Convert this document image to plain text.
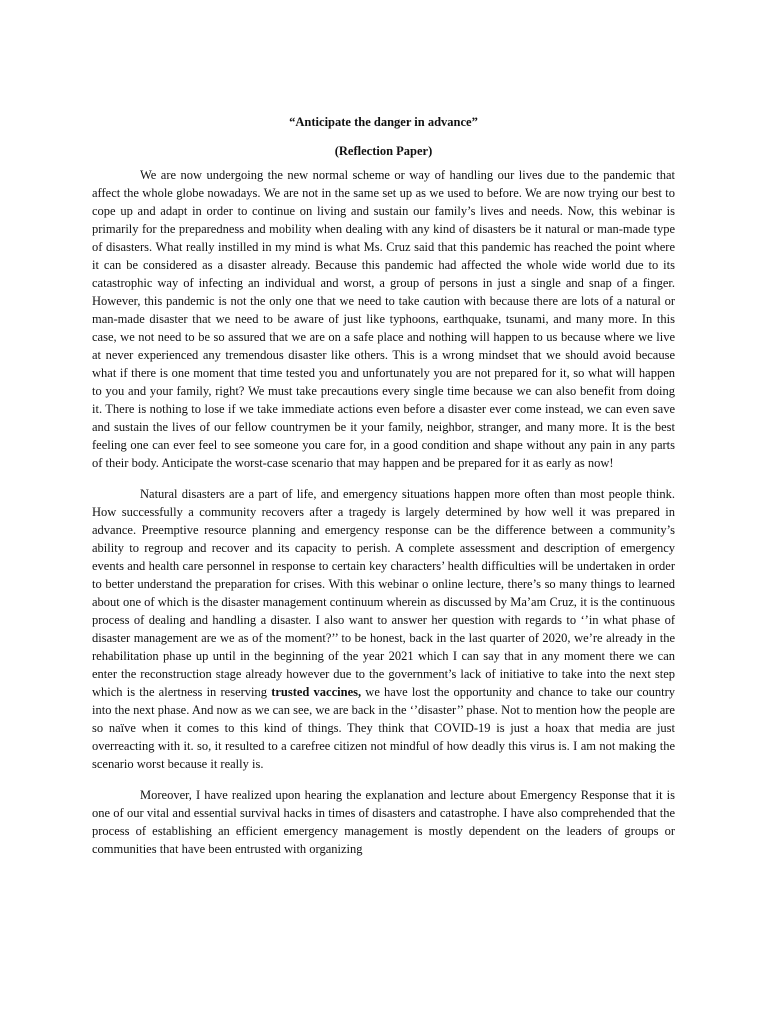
“Anticipate the danger in advance”

(Reflection Paper)

We are now undergoing the new normal scheme or way of handling our lives due to the pandemic that affect the whole globe nowadays. We are not in the same set up as we used to before. We are now trying our best to cope up and adapt in order to continue on living and sustain our family’s lives and needs. Now, this webinar is primarily for the preparedness and mobility when dealing with any kind of disasters be it natural or man-made type of disasters. What really instilled in my mind is what Ms. Cruz said that this pandemic has reached the point where it can be considered as a disaster already. Because this pandemic had affected the whole wide world due to its catastrophic way of infecting an individual and worst, a group of persons in just a single and snap of a finger. However, this pandemic is not the only one that we need to take caution with because there are lots of a natural or man-made disaster that we need to be aware of just like typhoons, earthquake, tsunami, and many more. In this case, we not need to be so assured that we are on a safe place and nothing will happen to us because where we live at never experienced any tremendous disaster like others. This is a wrong mindset that we should avoid because what if there is one moment that time tested you and unfortunately you are not prepared for it, so what will happen to you and your family, right? We must take precautions every single time because we can also benefit from doing it. There is nothing to lose if we take immediate actions even before a disaster ever come instead, we can even save and sustain the lives of our fellow countrymen be it your family, neighbor, stranger, and many more. It is the best feeling one can ever feel to see someone you care for, in a good condition and shape without any pain in any parts of their body. Anticipate the worst-case scenario that may happen and be prepared for it as early as now!

Natural disasters are a part of life, and emergency situations happen more often than most people think. How successfully a community recovers after a tragedy is largely determined by how well it was prepared in advance. Preemptive resource planning and emergency response can be the difference between a community’s ability to regroup and recover and its capacity to perish. A complete assessment and description of emergency events and health care personnel in response to certain key characters’ health difficulties will be undertaken in order to better understand the preparation for crises. With this webinar o online lecture, there’s so many things to learned about one of which is the disaster management continuum wherein as discussed by Ma’am Cruz, it is the continuous process of dealing and handling a disaster. I also want to answer her question with regards to ‘’in what phase of disaster management are we as of the moment?’’ to be honest, back in the last quarter of 2020, we’re already in the rehabilitation phase up until in the beginning of the year 2021 which I can say that in any moment there we can enter the reconstruction stage already however due to the government’s lack of initiative to take into the next step which is the alertness in reserving trusted vaccines, we have lost the opportunity and chance to take our country into the next phase. And now as we can see, we are back in the ‘’disaster’’ phase. Not to mention how the people are so naïve when it comes to this kind of things. They think that COVID-19 is just a hoax that media are just overreacting with it. so, it resulted to a carefree citizen not mindful of how deadly this virus is. I am not making the scenario worst because it really is.

Moreover, I have realized upon hearing the explanation and lecture about Emergency Response that it is one of our vital and essential survival hacks in times of disasters and catastrophe. I have also comprehended that the process of establishing an efficient emergency management is mostly dependent on the leaders of groups or communities that have been entrusted with organizing
